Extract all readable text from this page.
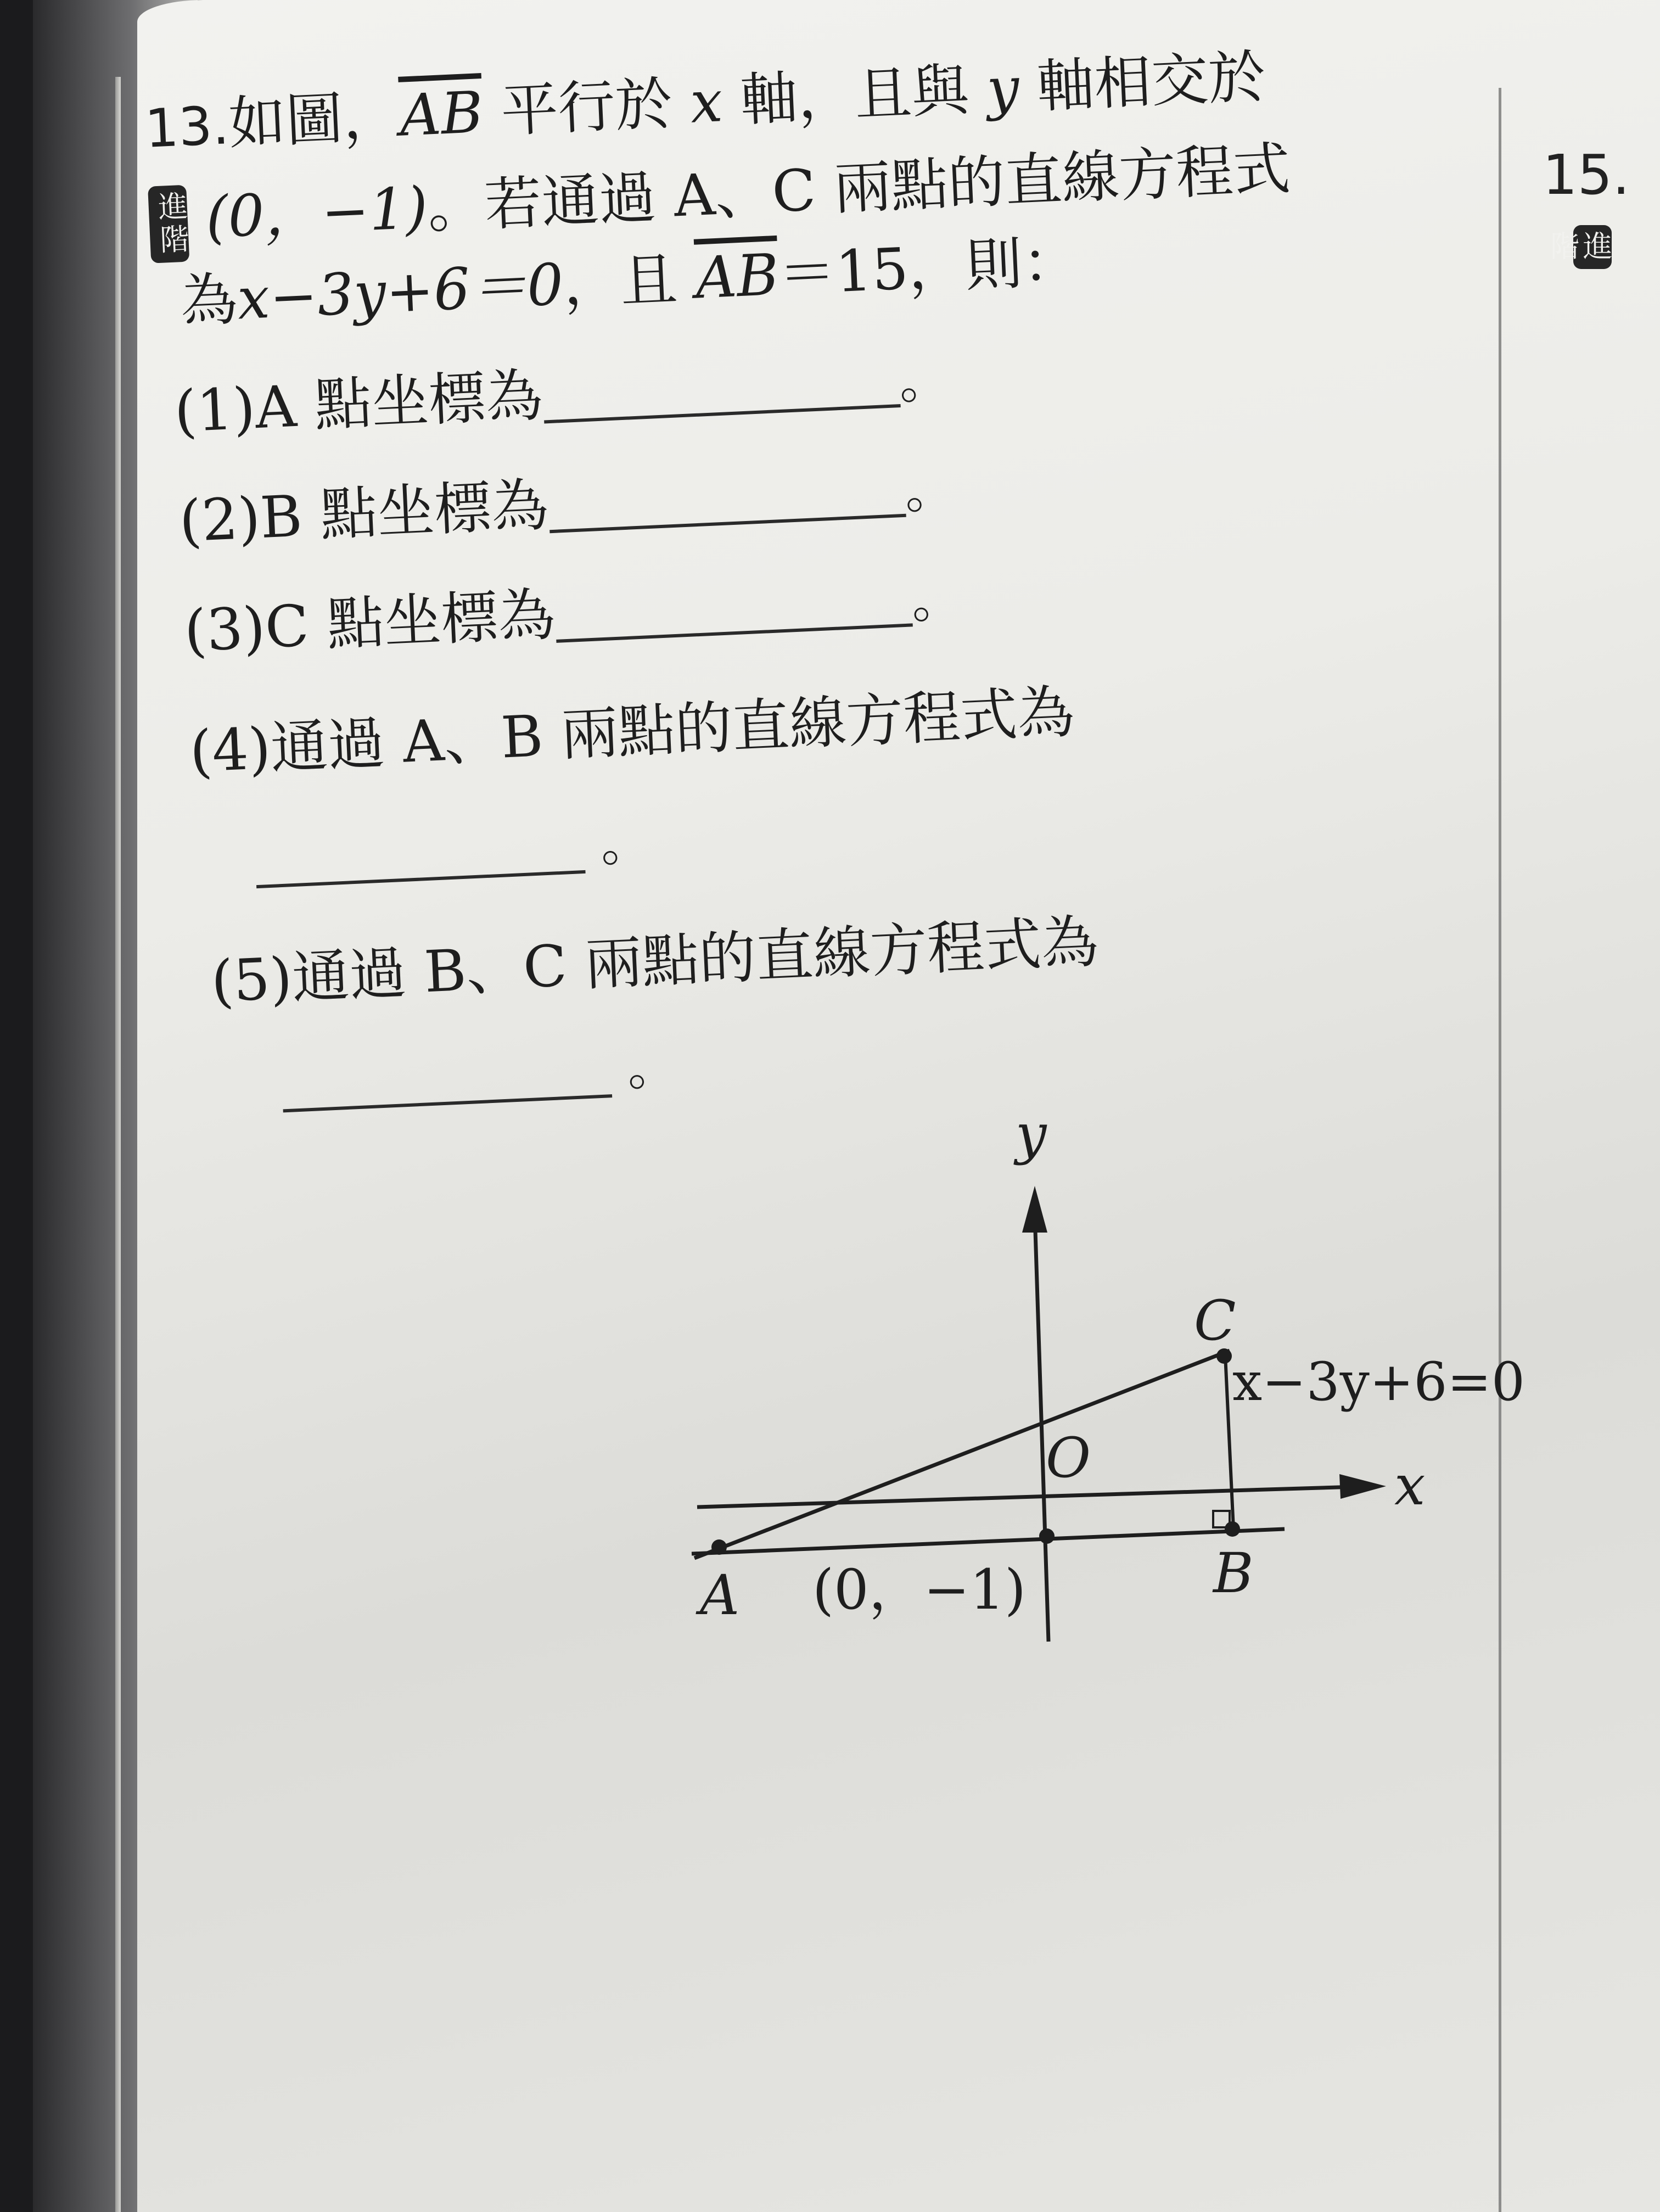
15.
進階
13.如圖，$\overline{AB}$ 平行於 x 軸，且與 y 軸相交於
進階 (0，−1)。若通過 A、C 兩點的直線方程式
為x−3y+6＝0，且 $\overline{AB}=15$，則：
(1)A 點坐標為	。
(2)B 點坐標為	。
(3)C 點坐標為	。
(4)通過 A、B 兩點的直線方程式為
。
(5)通過 B、C 兩點的直線方程式為
。
y
x
O
A (0，−1)	B
C
x−3y+6=0
